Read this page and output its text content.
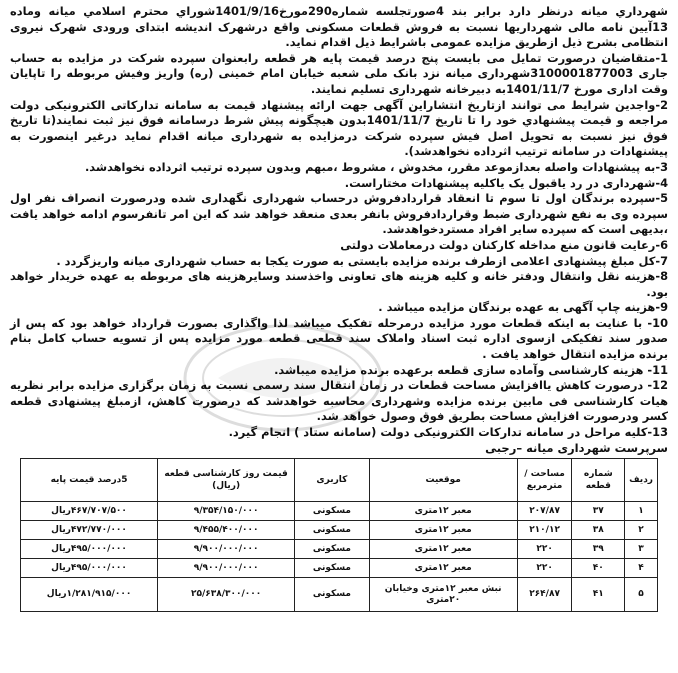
شهرداري ميانه درنظر دارد برابر بند 4صورتجلسه شماره290مورخ1401/9/16شوراي محترم اسلامي ميانه وماده 13آيين نامه مالی شهرداريها نسبت به فروش قطعات مسکونی واقع درشهرک اندیشه ابتدای ورودی شهرک نیروی انتظامی بشرح ذیل ازطریق مزایده عمومی باشرایط ذیل اقدام نماید.

1-متقاضیان درصورت تمایل می بایست پنج درصد قیمت پایه هر قطعه رابعنوان سپرده شرکت در مزایده به حساب جاری 3100001877003شهرداری میانه نزد بانک ملی شعبه خیابان امام خمینی (ره) واریز وفیش مربوطه را تاپایان وقت اداری مورخ 1401/11/7به دبیرخانه شهرداری تسلیم نمایند.

2-واجدین شرایط می توانند ازتاریخ انتشاراین آگهی جهت ارائه پیشنهاد قیمت به سامانه تدارکاتی الکترونیکی دولت مراجعه و قیمت پیشنهادي خود را تا تاریخ 1401/11/7بدون هیچگونه پیش شرط درسامانه فوق نیز ثبت نمایند(تا تاریخ فوق نیز نسبت به تحویل اصل فیش سپرده شرکت درمزایده به شهرداری میانه اقدام نماید درغیر اینصورت به پیشنهادات در سامانه ترتیب اثرداده نخواهدشد).

3-به پیشنهادات واصله بعدازموعد مقرر، مخدوش ، مشروط ،مبهم وبدون سپرده ترتیب اثرداده نخواهدشد.

4-شهرداری در رد یاقبول یک یاکلیه پیشنهادات مختاراست.

5-سپرده برندگان اول تا سوم تا انعقاد قراردادفروش درحساب شهرداری نگهداری شده ودرصورت انصراف نفر اول سپرده وی به نفع شهرداری ضبط وقراردادفروش بانفر بعدی منعقد خواهد شد که این امر تانفرسوم ادامه خواهد یافت ،بدیهی است که سپرده سایر افراد مستردخواهدشد.

6-رعایت قانون منع مداخله کارکنان دولت درمعاملات دولتی

7-کل مبلغ پیشنهادی اعلامی ازطرف برنده مزایده بایستی به صورت یکجا به حساب شهرداری میانه واریزگردد .

8-هزینه نقل وانتقال ودفتر خانه و کلیه هزینه های تعاونی واخذسند وسایرهزینه های مربوطه به عهده خریدار خواهد بود.

9-هزینه چاپ آگهی به عهده برندگان مزایده میباشد .

10- با عنایت به اینکه قطعات مورد مزایده درمرحله تفکیک میباشد لذا واگذاری بصورت قرارداد خواهد بود که پس از صدور سند تفکیکی ازسوی اداره ثبت اسناد واملاک سند قطعی قطعه مورد مزایده پس از تسویه حساب کامل بنام برنده مزایده انتقال خواهد یافت .

11- هزینه کارشناسی وآماده سازی قطعه برعهده برنده مزایده میباشد.

12- درصورت کاهش یاافزایش مساحت قطعات در زمان انتقال سند رسمی نسبت به زمان برگزاری مزایده برابر نظریه هیات کارشناسی فی مابین برنده مزایده وشهرداری محاسبه خواهدشد که درصورت کاهش، ازمبلغ پیشنهادی قطعه کسر ودرصورت افزایش مساحت بطریق فوق وصول خواهد شد.

13-کلیه مراحل در سامانه تدارکات الکترونیکی دولت (سامانه ستاد ) انجام گیرد.

سرپرست شهرداری میانه –رجبی
ردیف	شماره قطعه	مساحت /مترمربع	موقعیت	کاربری	قیمت روز کارشناسی قطعه (ریال)	5درصد قیمت پایه
۱	۳۷	۲۰۷/۸۷	معبر ۱۲متری	مسکونی	۹/۳۵۴/۱۵۰/۰۰۰	۴۶۷/۷۰۷/۵۰۰ریال
۲	۳۸	۲۱۰/۱۲	معبر ۱۲متری	مسکونی	۹/۴۵۵/۴۰۰/۰۰۰	۴۷۲/۷۷۰/۰۰۰ریال
۳	۳۹	۲۲۰	معبر ۱۲متری	مسکونی	۹/۹۰۰/۰۰۰/۰۰۰	۴۹۵/۰۰۰/۰۰۰ریال
۴	۴۰	۲۲۰	معبر ۱۲متری	مسکونی	۹/۹۰۰/۰۰۰/۰۰۰	۴۹۵/۰۰۰/۰۰۰ریال
۵	۴۱	۲۶۴/۸۷	نبش معبر ۱۲متری وخیابان ۲۰متری	مسکونی	۲۵/۶۳۸/۳۰۰/۰۰۰	۱/۲۸۱/۹۱۵/۰۰۰ریال
